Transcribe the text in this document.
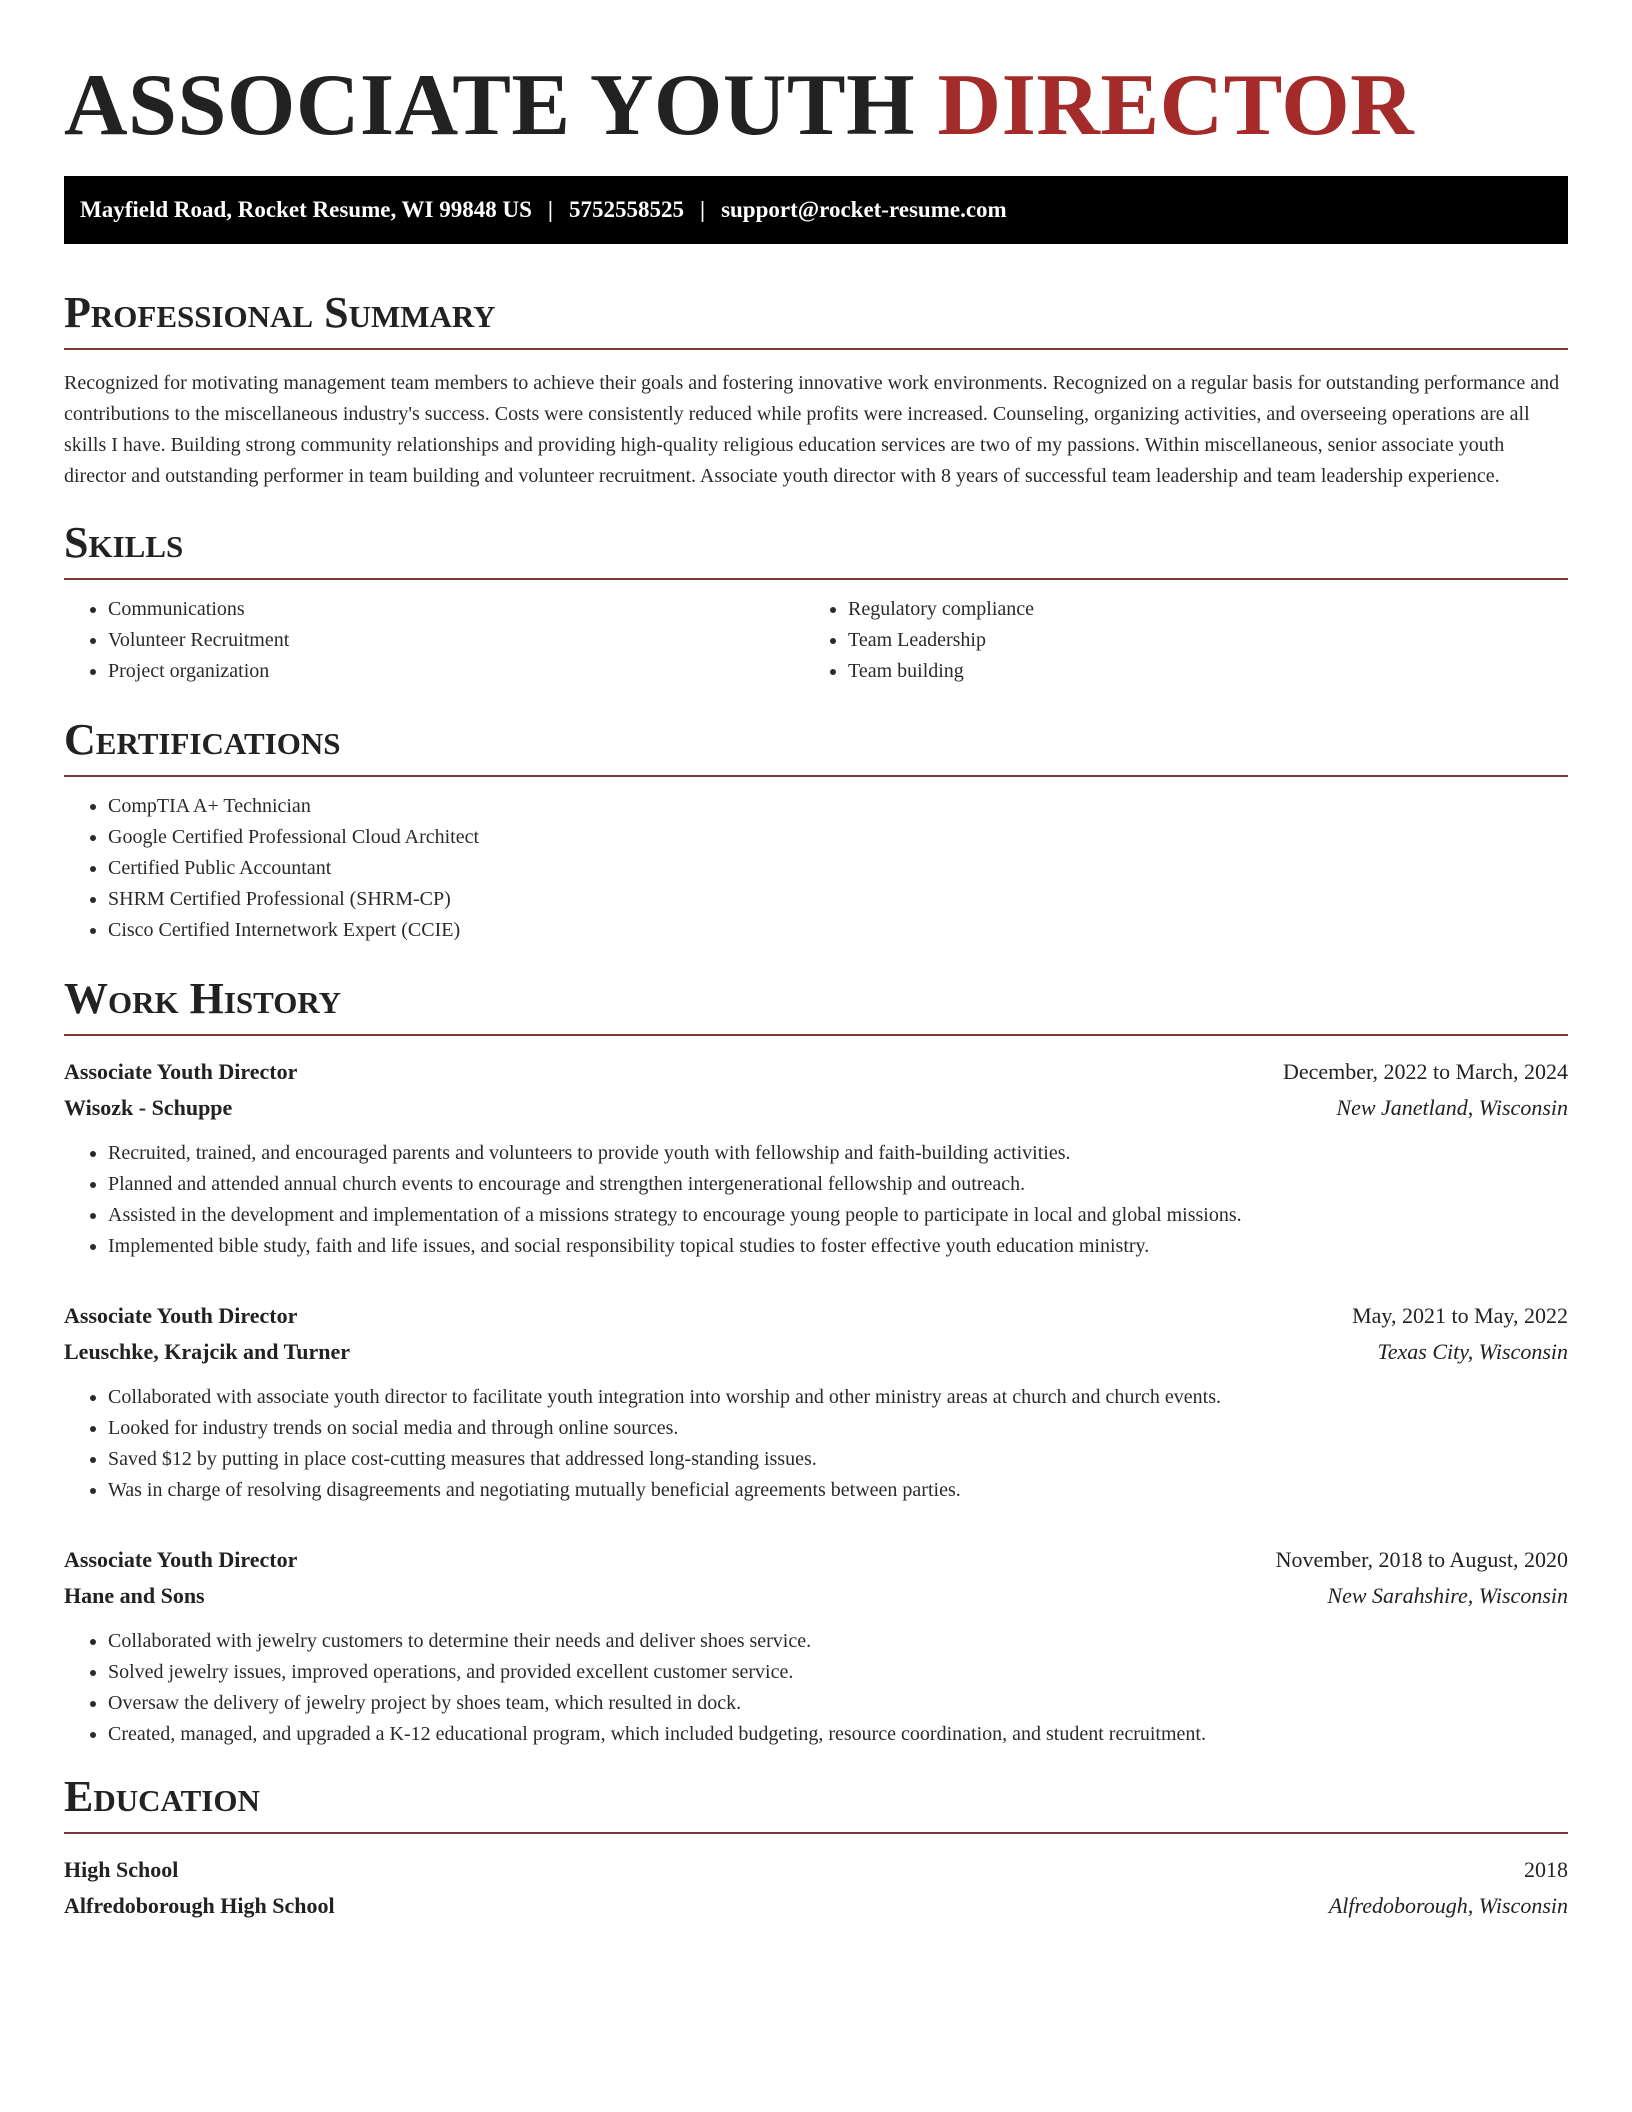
ASSOCIATE YOUTH DIRECTOR
Mayfield Road, Rocket Resume, WI 99848 US | 5752558525 | support@rocket-resume.com
Professional Summary

Recognized for motivating management team members to achieve their goals and fostering innovative work environments. Recognized on a regular basis for outstanding performance and contributions to the miscellaneous industry's success. Costs were consistently reduced while profits were increased. Counseling, organizing activities, and overseeing operations are all skills I have. Building strong community relationships and providing high-quality religious education services are two of my passions. Within miscellaneous, senior associate youth director and outstanding performer in team building and volunteer recruitment. Associate youth director with 8 years of successful team leadership and team leadership experience.

Skills
• Communications
• Volunteer Recruitment
• Project organization
• Regulatory compliance
• Team Leadership
• Team building
Certifications
• CompTIA A+ Technician
• Google Certified Professional Cloud Architect
• Certified Public Accountant
• SHRM Certified Professional (SHRM-CP)
• Cisco Certified Internetwork Expert (CCIE)
Work History
Associate Youth Director	December, 2022 to March, 2024
Wisozk - Schuppe	New Janetland, Wisconsin
• Recruited, trained, and encouraged parents and volunteers to provide youth with fellowship and faith-building activities.
• Planned and attended annual church events to encourage and strengthen intergenerational fellowship and outreach.
• Assisted in the development and implementation of a missions strategy to encourage young people to participate in local and global missions.
• Implemented bible study, faith and life issues, and social responsibility topical studies to foster effective youth education ministry.
Associate Youth Director	May, 2021 to May, 2022
Leuschke, Krajcik and Turner	Texas City, Wisconsin
• Collaborated with associate youth director to facilitate youth integration into worship and other ministry areas at church and church events.
• Looked for industry trends on social media and through online sources.
• Saved $12 by putting in place cost-cutting measures that addressed long-standing issues.
• Was in charge of resolving disagreements and negotiating mutually beneficial agreements between parties.
Associate Youth Director	November, 2018 to August, 2020
Hane and Sons	New Sarahshire, Wisconsin
• Collaborated with jewelry customers to determine their needs and deliver shoes service.
• Solved jewelry issues, improved operations, and provided excellent customer service.
• Oversaw the delivery of jewelry project by shoes team, which resulted in dock.
• Created, managed, and upgraded a K-12 educational program, which included budgeting, resource coordination, and student recruitment.
Education
High School	2018
Alfredoborough High School	Alfredoborough, Wisconsin
